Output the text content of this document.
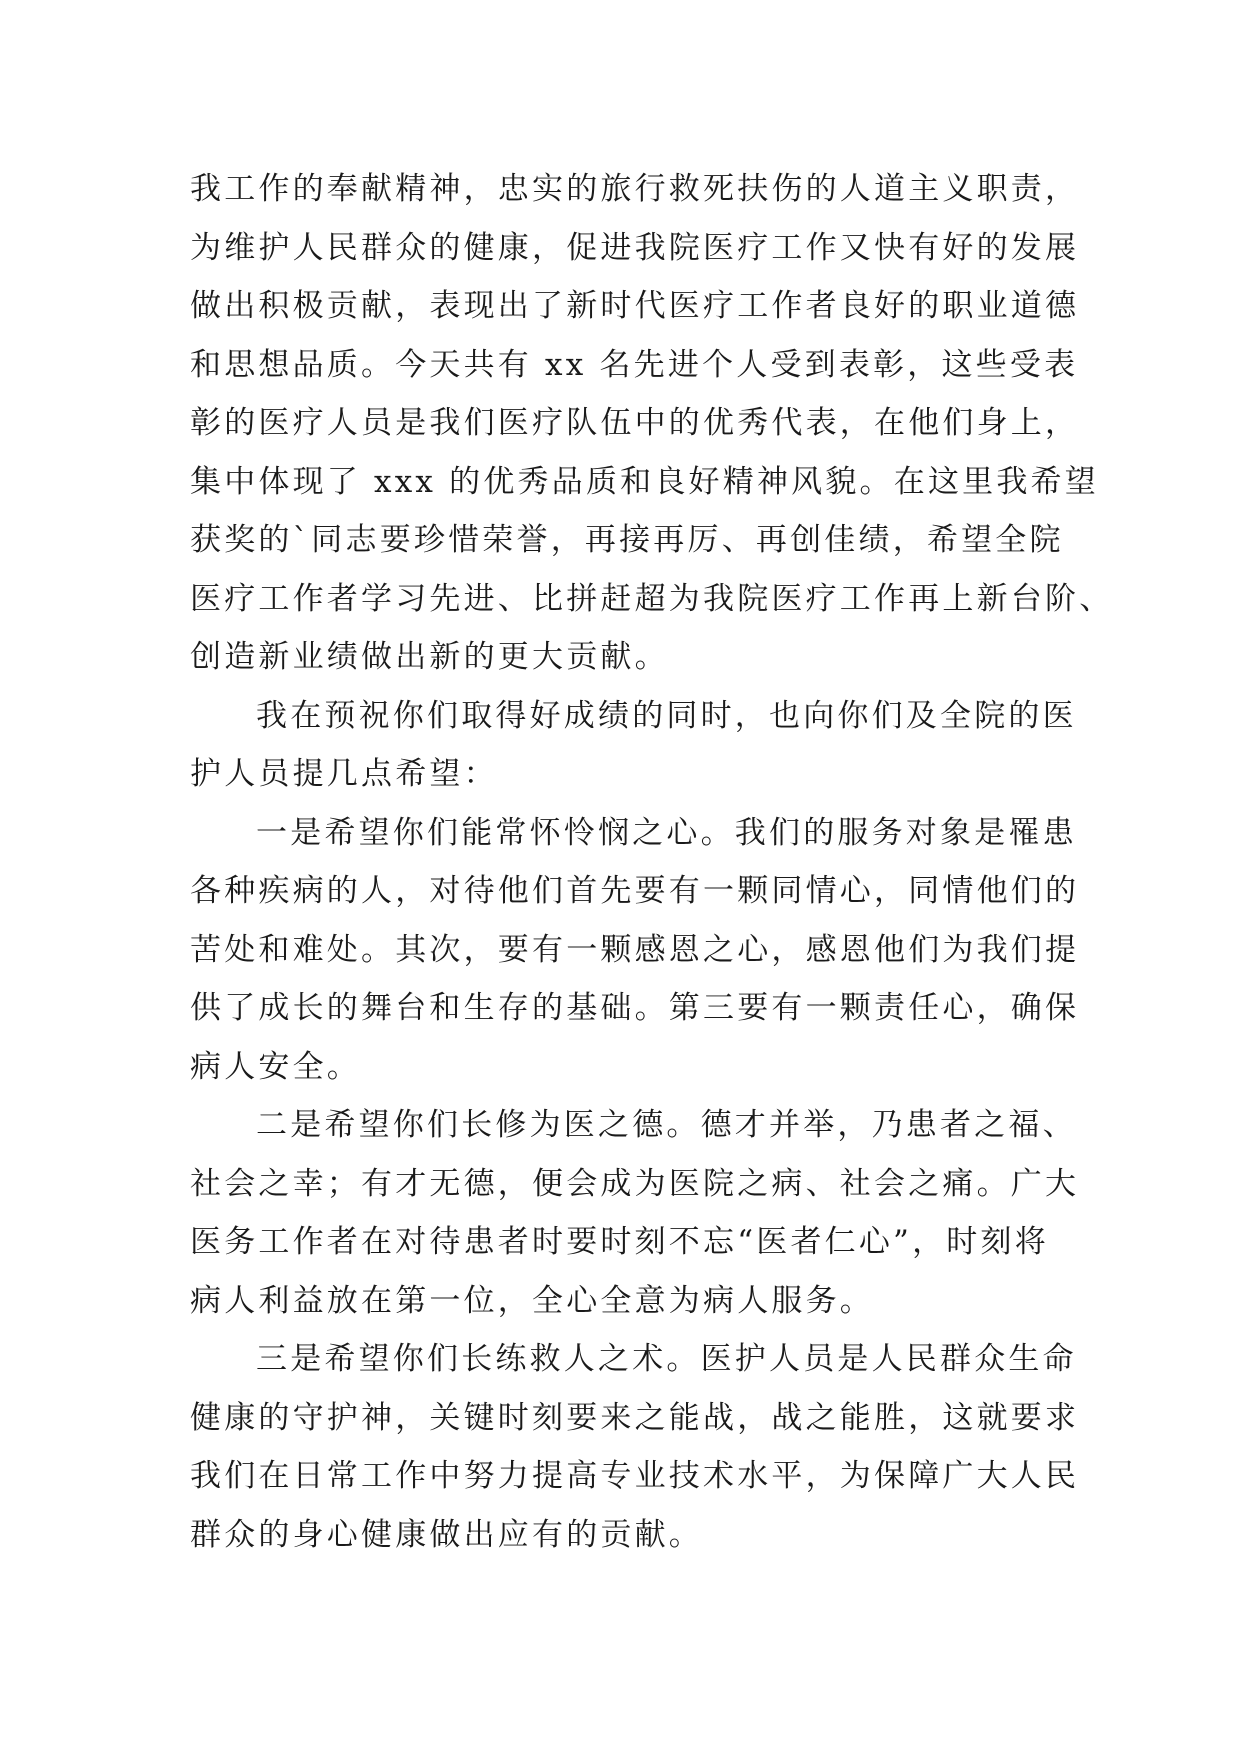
我工作的奉献精神，忠实的旅行救死扶伤的人道主义职责，
为维护人民群众的健康，促进我院医疗工作又快有好的发展
做出积极贡献，表现出了新时代医疗工作者良好的职业道德
和思想品质。今天共有 xx 名先进个人受到表彰，这些受表
彰的医疗人员是我们医疗队伍中的优秀代表，在他们身上，
集中体现了 xxx 的优秀品质和良好精神风貌。在这里我希望
获奖的`同志要珍惜荣誉，再接再厉、再创佳绩，希望全院
医疗工作者学习先进、比拼赶超为我院医疗工作再上新台阶、
创造新业绩做出新的更大贡献。
我在预祝你们取得好成绩的同时，也向你们及全院的医
护人员提几点希望：
一是希望你们能常怀怜悯之心。我们的服务对象是罹患
各种疾病的人，对待他们首先要有一颗同情心，同情他们的
苦处和难处。其次，要有一颗感恩之心，感恩他们为我们提
供了成长的舞台和生存的基础。第三要有一颗责任心，确保
病人安全。
二是希望你们长修为医之德。德才并举，乃患者之福、
社会之幸；有才无德，便会成为医院之病、社会之痛。广大
医务工作者在对待患者时要时刻不忘“医者仁心”，时刻将
病人利益放在第一位，全心全意为病人服务。
三是希望你们长练救人之术。医护人员是人民群众生命
健康的守护神，关键时刻要来之能战，战之能胜，这就要求
我们在日常工作中努力提高专业技术水平，为保障广大人民
群众的身心健康做出应有的贡献。
